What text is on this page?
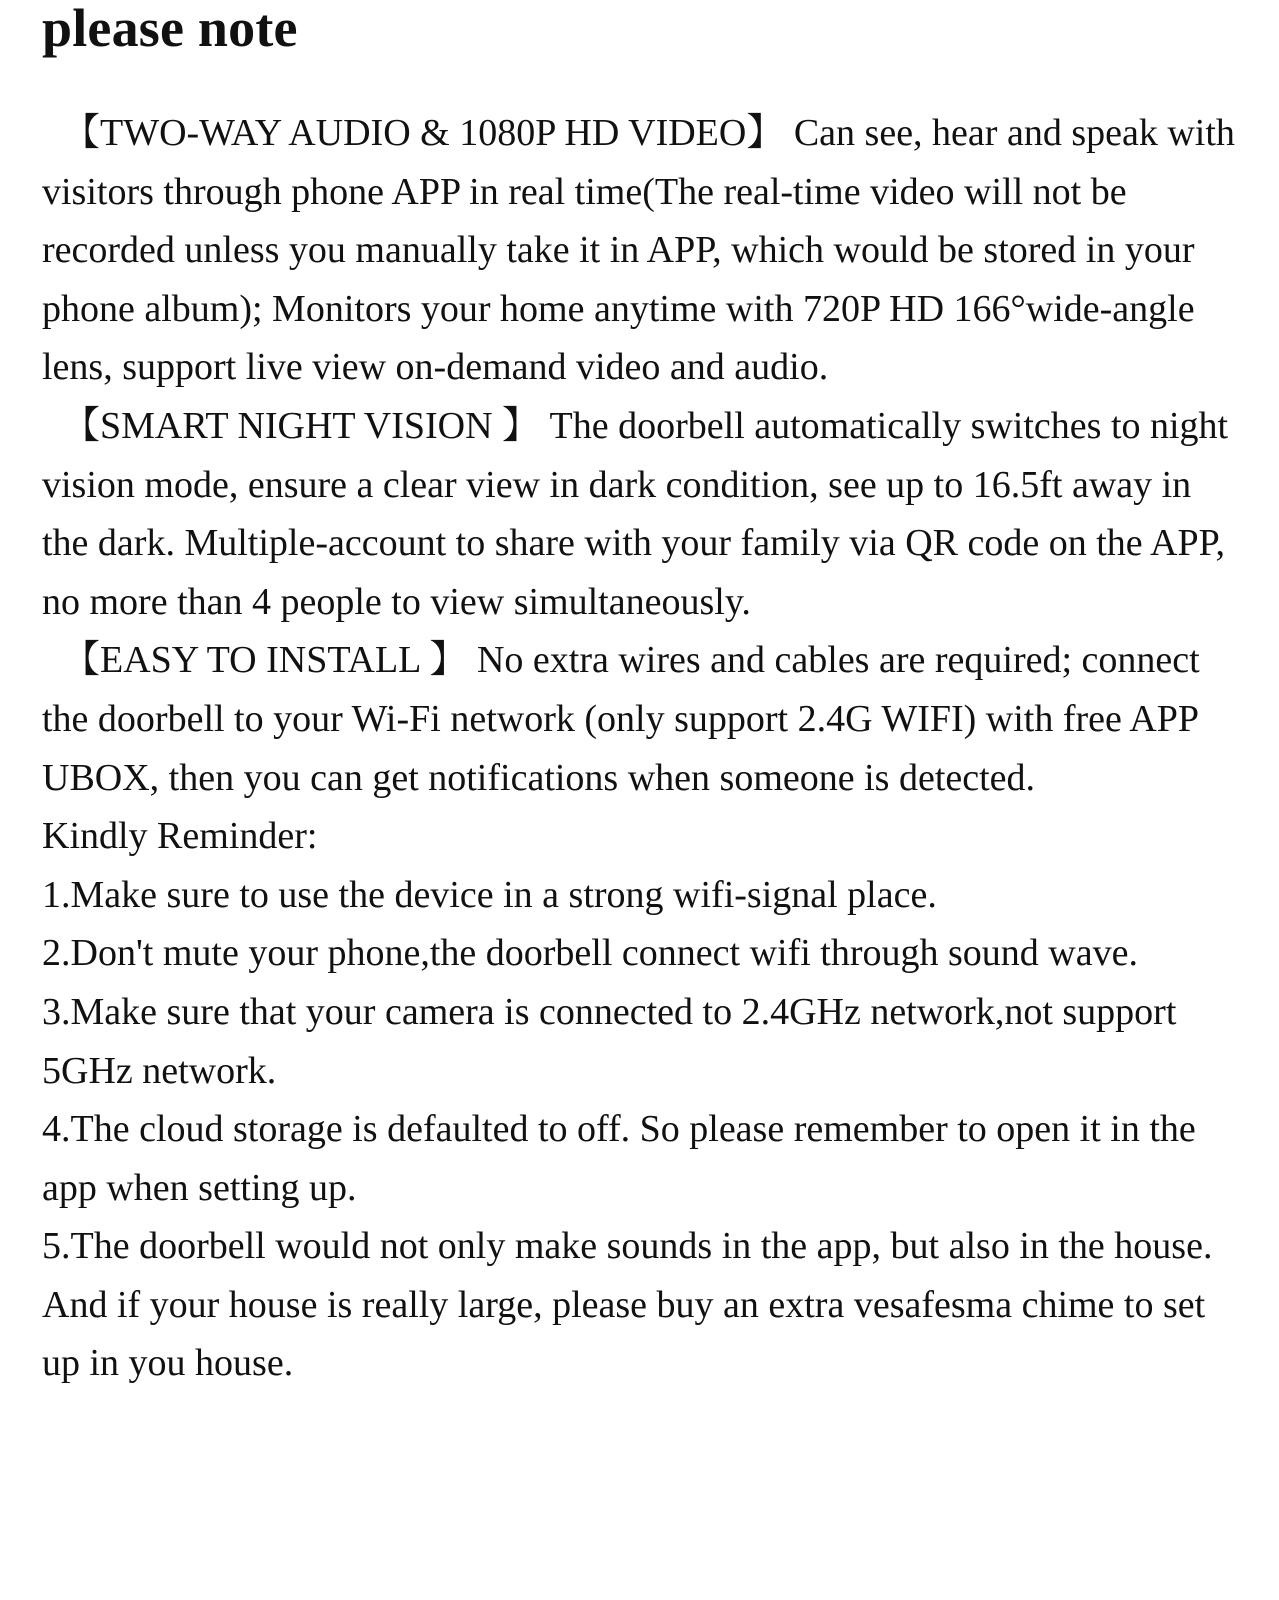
please note

【TWO-WAY AUDIO & 1080P HD VIDEO】 Can see, hear and speak with visitors through phone APP in real time(The real-time video will not be recorded unless you manually take it in APP, which would be stored in your phone album); Monitors your home anytime with 720P HD 166°wide-angle lens, support live view on-demand video and audio.

【SMART NIGHT VISION 】 The doorbell automatically switches to night vision mode, ensure a clear view in dark condition, see up to 16.5ft away in the dark. Multiple-account to share with your family via QR code on the APP, no more than 4 people to view simultaneously.

【EASY TO INSTALL 】 No extra wires and cables are required; connect the doorbell to your Wi-Fi network (only support 2.4G WIFI) with free APP UBOX, then you can get notifications when someone is detected.

Kindly Reminder:

1.Make sure to use the device in a strong wifi-signal place.

2.Don't mute your phone,the doorbell connect wifi through sound wave.

3.Make sure that your camera is connected to 2.4GHz network,not support 5GHz network.

4.The cloud storage is defaulted to off. So please remember to open it in the app when setting up.

5.The doorbell would not only make sounds in the app, but also in the house. And if your house is really large, please buy an extra vesafesma chime to set up in you house.
